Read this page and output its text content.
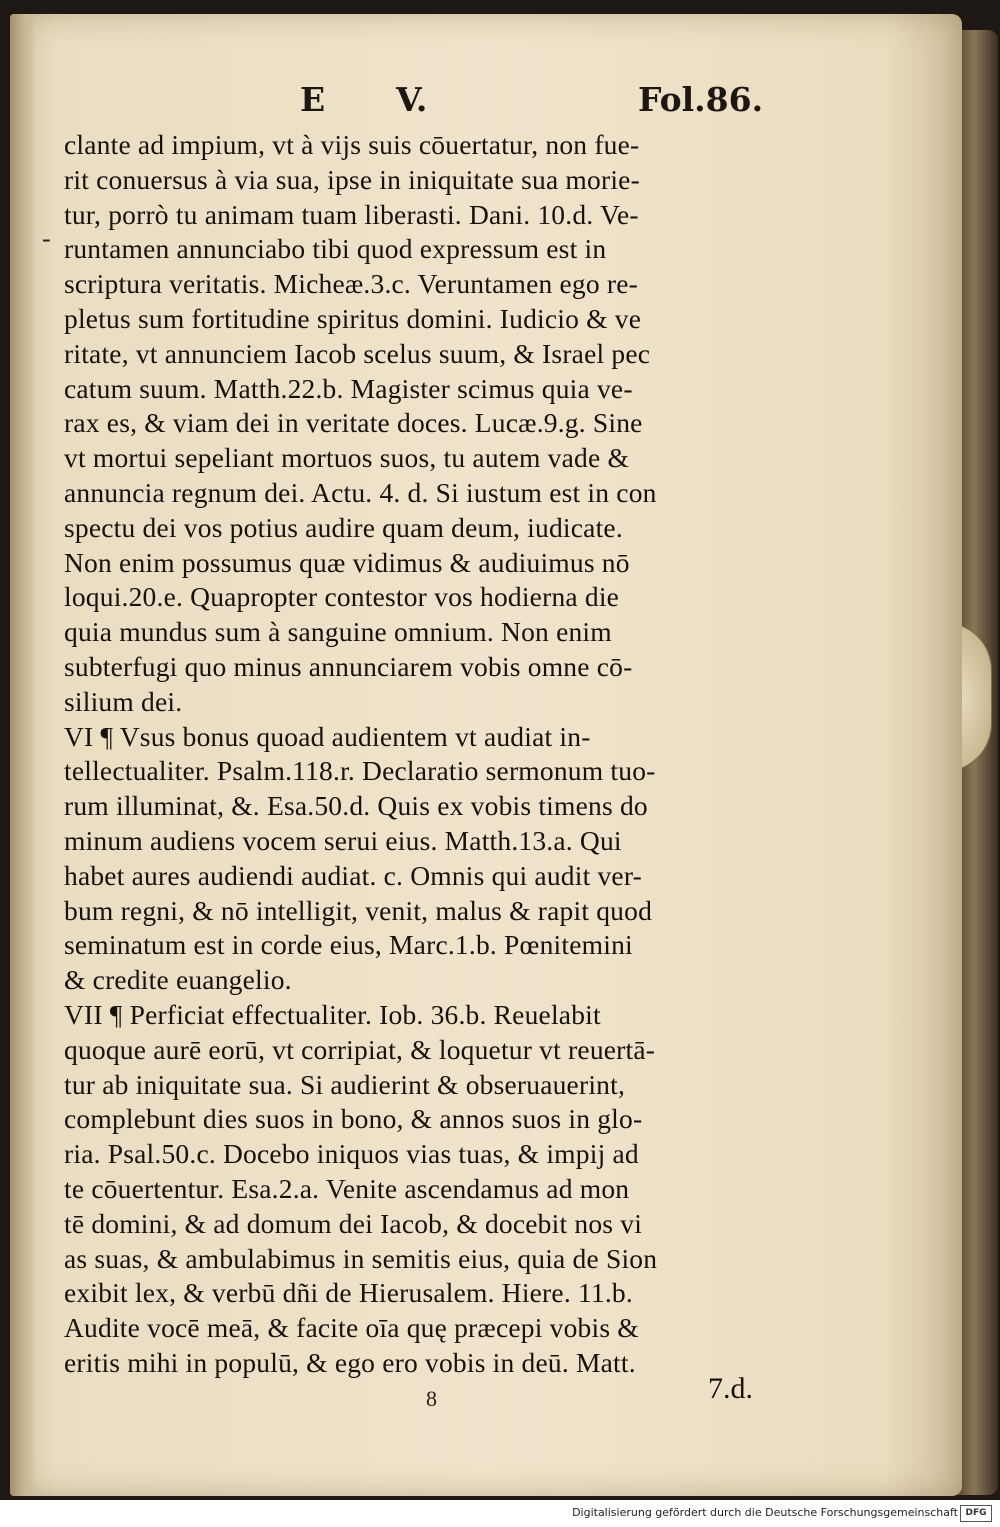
E V.	Fol.86.
-
clante ad impium, vt à vijs suis cōuertatur, non fue-
rit conuersus à via sua, ipse in iniquitate sua morie-
tur, porrò tu animam tuam liberasti. Dani. 10.d. Ve-
runtamen annunciabo tibi quod expressum est in
scriptura veritatis. Micheæ.3.c. Veruntamen ego re-
pletus sum fortitudine spiritus domini. Iudicio & ve
ritate, vt annunciem Iacob scelus suum, & Israel pec
catum suum. Matth.22.b. Magister scimus quia ve-
rax es, & viam dei in veritate doces. Lucæ.9.g. Sine
vt mortui sepeliant mortuos suos, tu autem vade &
annuncia regnum dei. Actu. 4. d. Si iustum est in con
spectu dei vos potius audire quam deum, iudicate.
Non enim possumus quæ vidimus & audiuimus nō
loqui.20.e. Quapropter contestor vos hodierna die
quia mundus sum à sanguine omnium. Non enim
subterfugi quo minus annunciarem vobis omne cō-
silium dei.
VI ¶ Vsus bonus quoad audientem vt audiat in-
tellectualiter. Psalm.118.r. Declaratio sermonum tuo-
rum illuminat, &. Esa.50.d. Quis ex vobis timens do
minum audiens vocem serui eius. Matth.13.a. Qui
habet aures audiendi audiat. c. Omnis qui audit ver-
bum regni, & nō intelligit, venit, malus & rapit quod
seminatum est in corde eius, Marc.1.b. Pœnitemini
& credite euangelio.
VII ¶ Perficiat effectualiter. Iob. 36.b. Reuelabit
quoque aurē eorū, vt corripiat, & loquetur vt reuertā-
tur ab iniquitate sua. Si audierint & obseruauerint,
complebunt dies suos in bono, & annos suos in glo-
ria. Psal.50.c. Docebo iniquos vias tuas, & impij ad
te cōuertentur. Esa.2.a. Venite ascendamus ad mon
tē domini, & ad domum dei Iacob, & docebit nos vi
as suas, & ambulabimus in semitis eius, quia de Sion
exibit lex, & verbū dñi de Hierusalem. Hiere. 11.b.
Audite vocē meā, & facite oīa quę præcepi vobis &
eritis mihi in populū, & ego ero vobis in deū. Matt.
8	7.d.
Digitalisierung gefördert durch die Deutsche Forschungsgemeinschaft DFG
